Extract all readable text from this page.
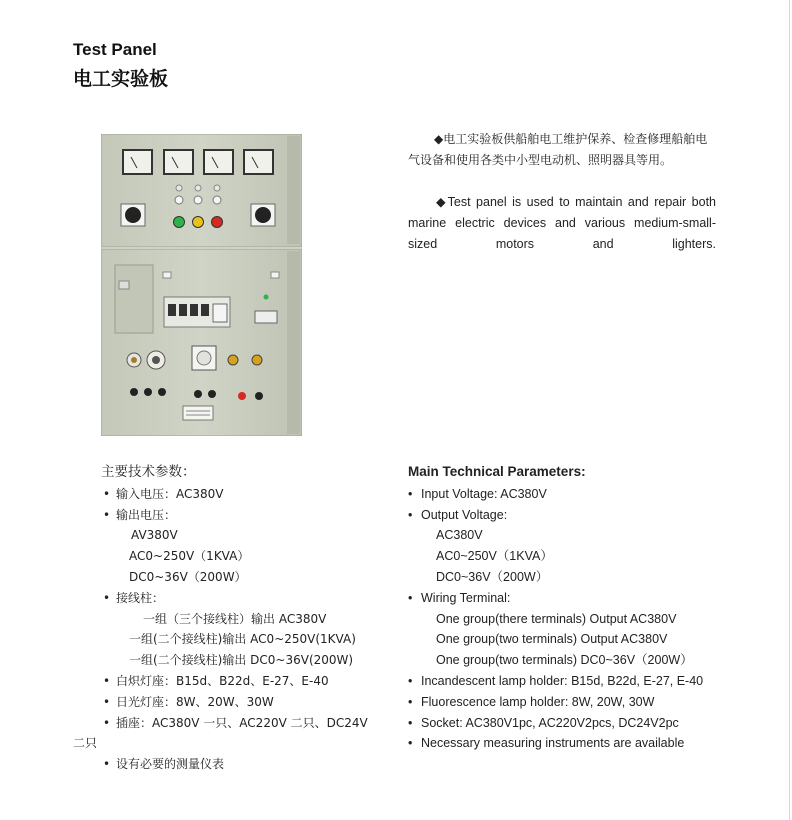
Test Panel
电工实验板
◆电工实验板供船舶电工维护保养、检查修理船舶电气设备和使用各类中小型电动机、照明器具等用。
◆Test panel is used to maintain and repair both marine electric devices and various medium-small-sized motors and lighters.
主要技术参数：
• 输入电压：AC380V
• 输出电压：
AV380V
AC0~250V（1KVA）
DC0~36V（200W）
• 接线柱：
一组（三个接线柱）输出 AC380V
一组(二个接线柱)输出 AC0~250V(1KVA)
一组(二个接线柱)输出 DC0~36V(200W)
• 白炽灯座：B15d、B22d、E-27、E-40
• 日光灯座：8W、20W、30W
• 插座：AC380V 一只、AC220V 二只、DC24V
二只
• 设有必要的测量仪表
Main Technical Parameters:
• Input Voltage: AC380V
• Output Voltage:
AC380V
AC0~250V（1KVA）
DC0~36V（200W）
• Wiring Terminal:
One group(there terminals) Output AC380V
One group(two terminals) Output AC380V
One group(two terminals) DC0~36V（200W）
• Incandescent lamp holder: B15d, B22d, E-27, E-40
• Fluorescence lamp holder: 8W, 20W, 30W
• Socket: AC380V1pc, AC220V2pcs, DC24V2pc
• Necessary measuring instruments are available
